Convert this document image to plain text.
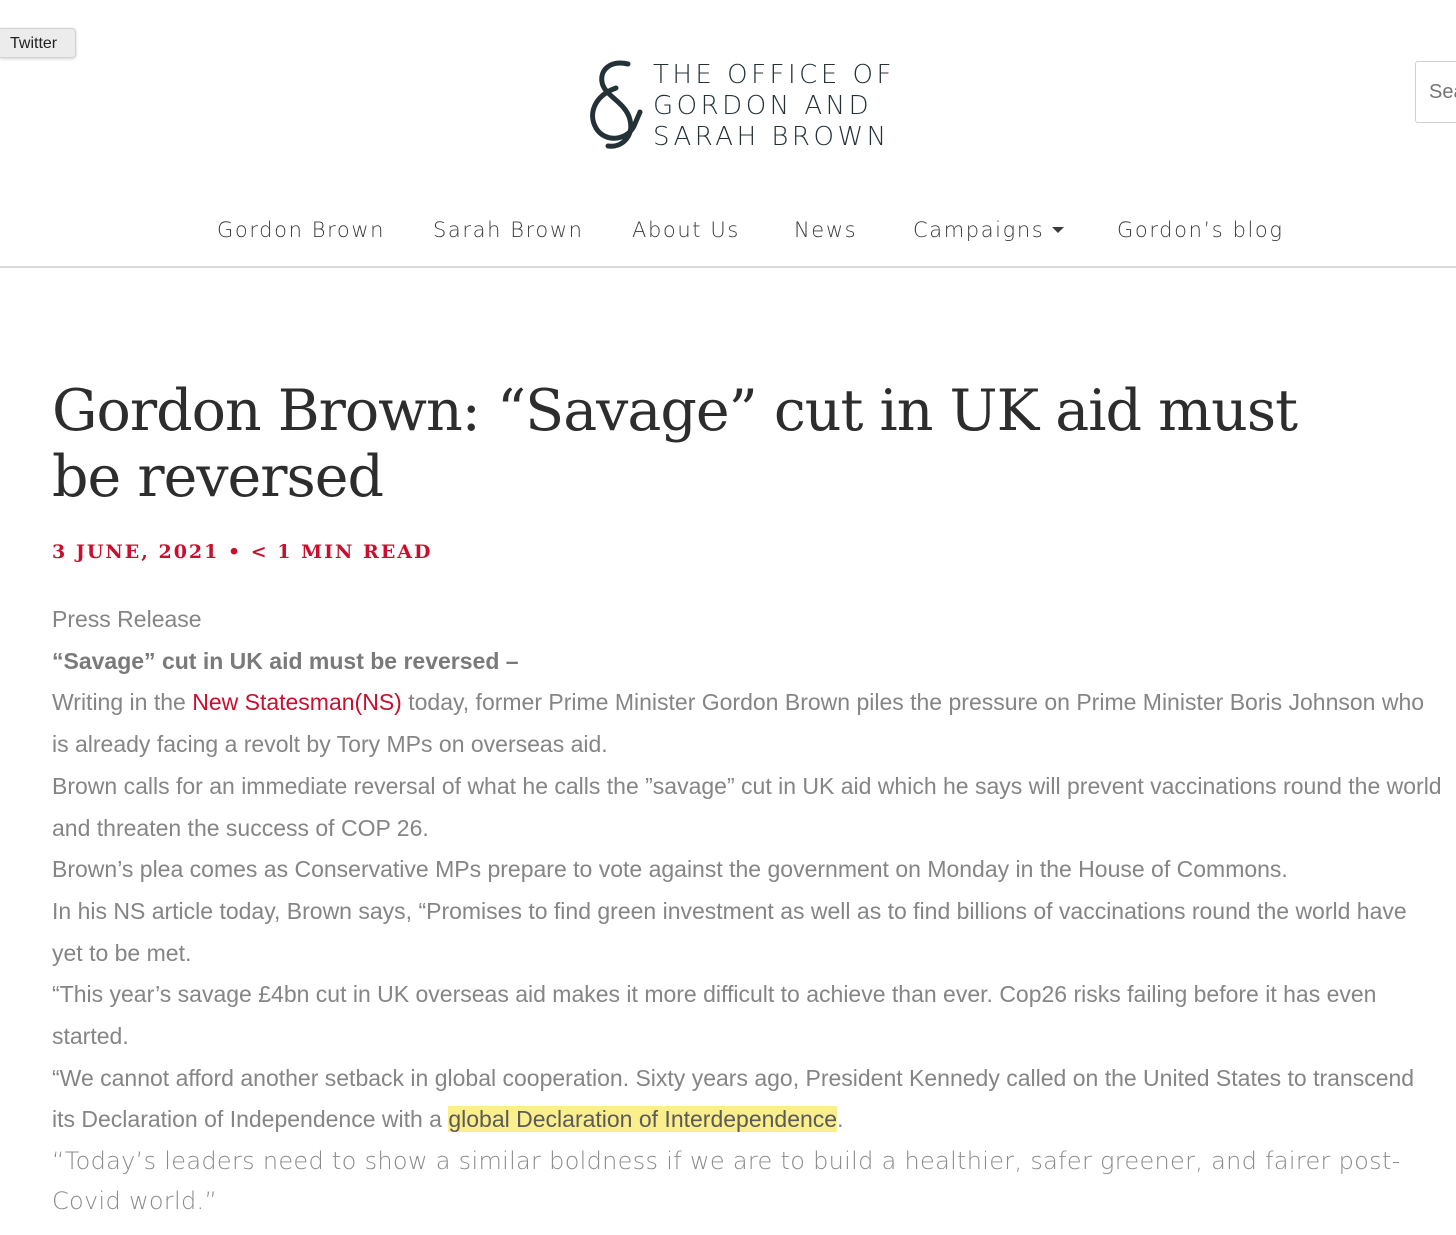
Twitter
THE OFFICE OF
GORDON AND
SARAH BROWN
Search
Gordon Brown Sarah Brown About Us	News	Campaigns	Gordon’s blog
Gordon Brown: “Savage” cut in UK aid must be reversed
3 JUNE, 2021 • < 1 MIN READ

Press Release

“Savage” cut in UK aid must be reversed –

Writing in the New Statesman(NS) today, former Prime Minister Gordon Brown piles the pressure on Prime Minister Boris Johnson who is already facing a revolt by Tory MPs on overseas aid.

Brown calls for an immediate reversal of what he calls the ”savage” cut in UK aid which he says will prevent vaccinations round the world and threaten the success of COP 26.

Brown’s plea comes as Conservative MPs prepare to vote against the government on Monday in the House of Commons.

In his NS article today, Brown says, “Promises to find green investment as well as to find billions of vaccinations round the world have yet to be met.

“This year’s savage £4bn cut in UK overseas aid makes it more difficult to achieve than ever. Cop26 risks failing before it has even started.

“We cannot afford another setback in global cooperation. Sixty years ago, President Kennedy called on the United States to transcend its Declaration of Independence with a global Declaration of Interdependence.

“Today’s leaders need to show a similar boldness if we are to build a healthier, safer greener, and fairer post-Covid world.”
